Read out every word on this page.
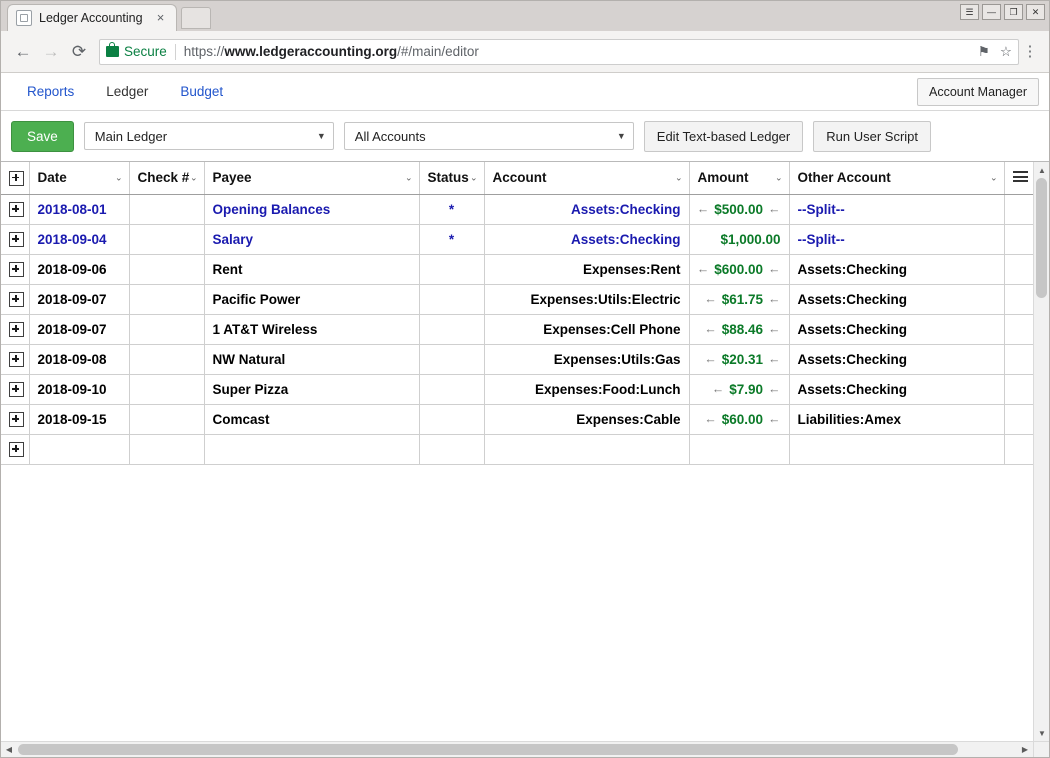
Ledger Accounting ×	☰	—	❐	✕
← → ⟳	Secure https:// www.ledgeraccounting.org /#/main/editor	⚑ ☆ ⋮
Reports	Ledger	Budget	Account Manager
Save	Main Ledger	▼ All Accounts	▼	Edit Text-based Ledger	Run User Script
	Date ⌄	Check # ⌄	Payee ⌄	Status ⌄	Account ⌄	Amount ⌄	Other Account ⌄	

	2018-08-01		Opening Balances	*	Assets:Checking	← $500.00 ←	--Split--	
	2018-09-04		Salary	*	Assets:Checking	$1,000.00	--Split--	
	2018-09-06		Rent		Expenses:Rent	← $600.00 ←	Assets:Checking	
	2018-09-07		Pacific Power		Expenses:Utils:Electric	← $61.75 ←	Assets:Checking	
	2018-09-07		1 AT&T Wireless		Expenses:Cell Phone	← $88.46 ←	Assets:Checking	
	2018-09-08		NW Natural		Expenses:Utils:Gas	← $20.31 ←	Assets:Checking	
	2018-09-10		Super Pizza		Expenses:Food:Lunch	← $7.90 ←	Assets:Checking	
	2018-09-15		Comcast		Expenses:Cable	← $60.00 ←	Liabilities:Amex	

▲
▼
◀	▶
